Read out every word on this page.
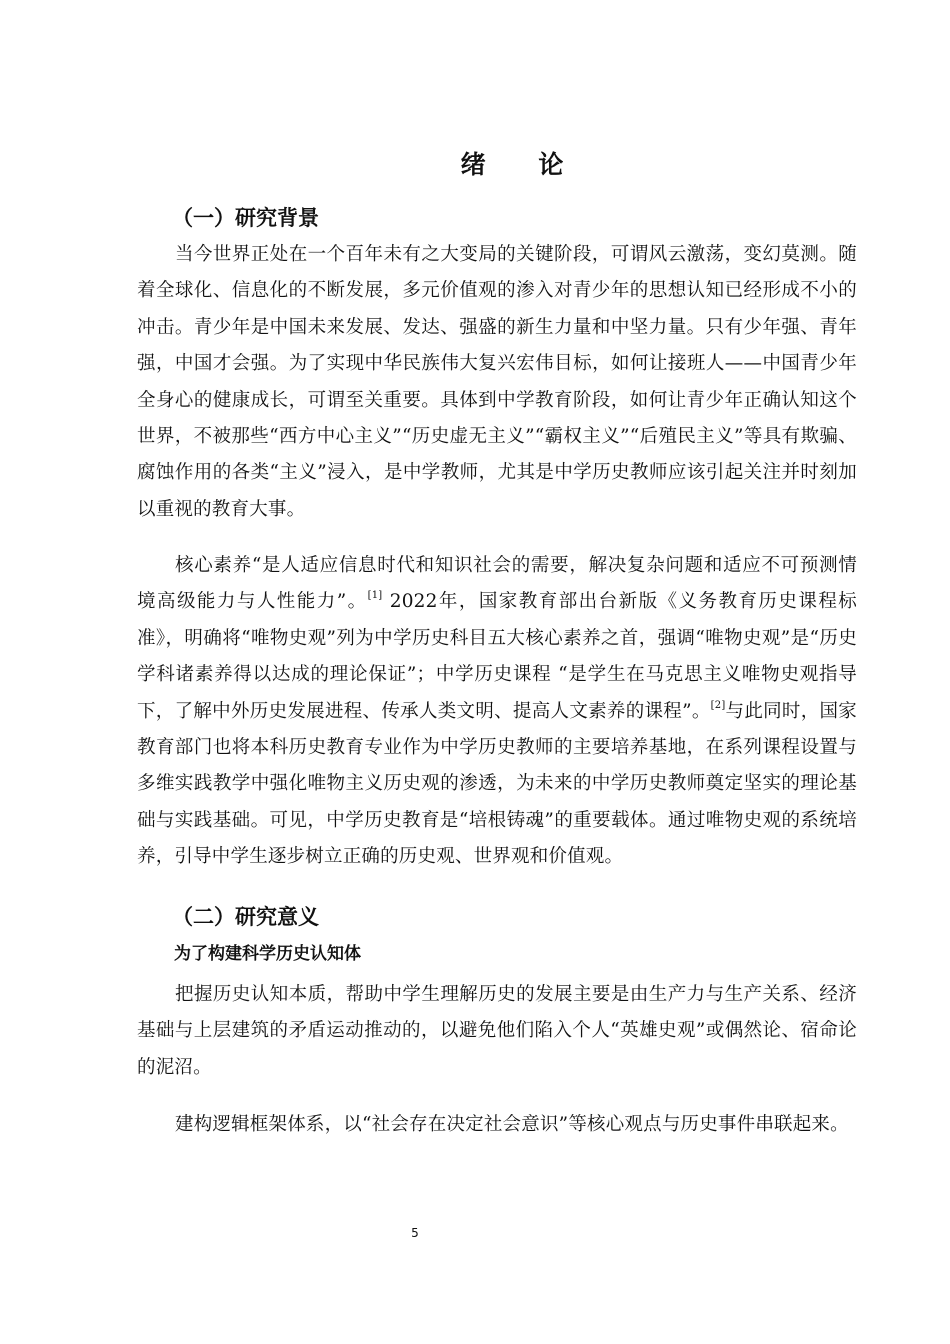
绪 论
（一）研究背景
当今世界正处在一个百年未有之大变局的关键阶段，可谓风云激荡，变幻莫测。随着全球化、信息化的不断发展，多元价值观的渗入对青少年的思想认知已经形成不小的冲击。青少年是中国未来发展、发达、强盛的新生力量和中坚力量。只有少年强、青年强，中国才会强。为了实现中华民族伟大复兴宏伟目标，如何让接班人——中国青少年全身心的健康成长，可谓至关重要。具体到中学教育阶段，如何让青少年正确认知这个世界，不被那些“西方中心主义”“历史虚无主义”“霸权主义”“后殖民主义”等具有欺骗、腐蚀作用的各类“主义”浸入，是中学教师，尤其是中学历史教师应该引起关注并时刻加以重视的教育大事。
核心素养“是人适应信息时代和知识社会的需要，解决复杂问题和适应不可预测情境高级能力与人性能力”。[1] 2022年，国家教育部出台新版《义务教育历史课程标准》，明确将“唯物史观”列为中学历史科目五大核心素养之首，强调“唯物史观”是“历史学科诸素养得以达成的理论保证”；中学历史课程 “是学生在马克思主义唯物史观指导下，了解中外历史发展进程、传承人类文明、提高人文素养的课程”。[2]与此同时，国家教育部门也将本科历史教育专业作为中学历史教师的主要培养基地，在系列课程设置与多维实践教学中强化唯物主义历史观的渗透，为未来的中学历史教师奠定坚实的理论基础与实践基础。可见，中学历史教育是“培根铸魂”的重要载体。通过唯物史观的系统培养，引导中学生逐步树立正确的历史观、世界观和价值观。
（二）研究意义
为了构建科学历史认知体
把握历史认知本质，帮助中学生理解历史的发展主要是由生产力与生产关系、经济基础与上层建筑的矛盾运动推动的，以避免他们陷入个人“英雄史观”或偶然论、宿命论的泥沼。
建构逻辑框架体系，以“社会存在决定社会意识”等核心观点与历史事件串联起来。
5
